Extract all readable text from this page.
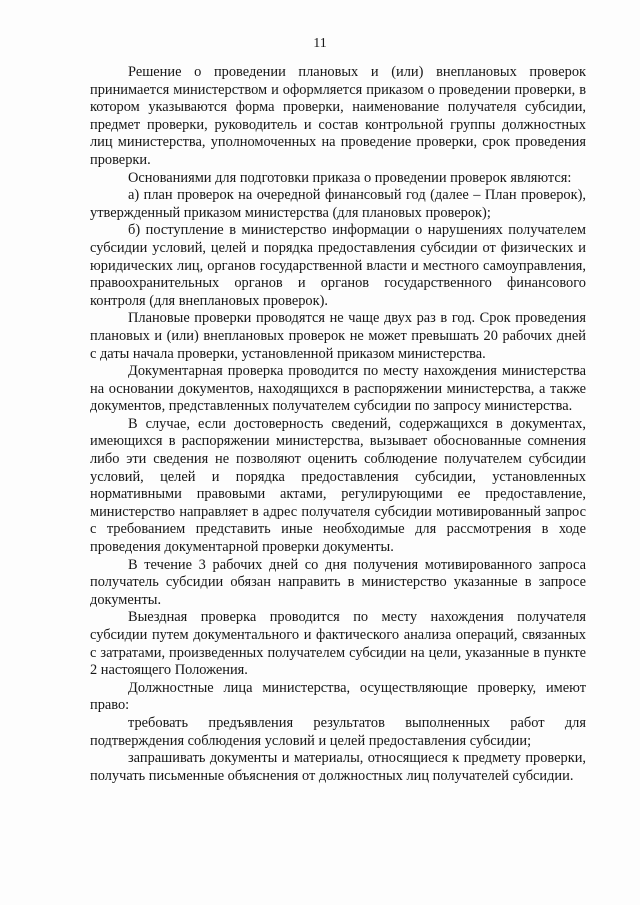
11

Решение о проведении плановых и (или) внеплановых проверок принимается министерством и оформляется приказом о проведении проверки, в котором указываются форма проверки, наименование получателя субсидии, предмет проверки, руководитель и состав контрольной группы должностных лиц министерства, уполномоченных на проведение проверки, срок проведения проверки.

Основаниями для подготовки приказа о проведении проверок являются:

а) план проверок на очередной финансовый год (далее – План проверок), утвержденный приказом министерства (для плановых проверок);

б) поступление в министерство информации о нарушениях получателем субсидии условий, целей и порядка предоставления субсидии от физических и юридических лиц, органов государственной власти и местного самоуправления, правоохранительных органов и органов государственного финансового контроля (для внеплановых проверок).

Плановые проверки проводятся не чаще двух раз в год. Срок проведения плановых и (или) внеплановых проверок не может превышать 20 рабочих дней с даты начала проверки, установленной приказом министерства.

Документарная проверка проводится по месту нахождения министерства на основании документов, находящихся в распоряжении министерства, а также документов, представленных получателем субсидии по запросу министерства.

В случае, если достоверность сведений, содержащихся в документах, имеющихся в распоряжении министерства, вызывает обоснованные сомнения либо эти сведения не позволяют оценить соблюдение получателем субсидии условий, целей и порядка предоставления субсидии, установленных нормативными правовыми актами, регулирующими ее предоставление, министерство направляет в адрес получателя субсидии мотивированный запрос с требованием представить иные необходимые для рассмотрения в ходе проведения документарной проверки документы.

В течение 3 рабочих дней со дня получения мотивированного запроса получатель субсидии обязан направить в министерство указанные в запросе документы.

Выездная проверка проводится по месту нахождения получателя субсидии путем документального и фактического анализа операций, связанных с затратами, произведенных получателем субсидии на цели, указанные в пункте 2 настоящего Положения.

Должностные лица министерства, осуществляющие проверку, имеют право:

требовать предъявления результатов выполненных работ для подтверждения соблюдения условий и целей предоставления субсидии;

запрашивать документы и материалы, относящиеся к предмету проверки, получать письменные объяснения от должностных лиц получателей субсидии.
